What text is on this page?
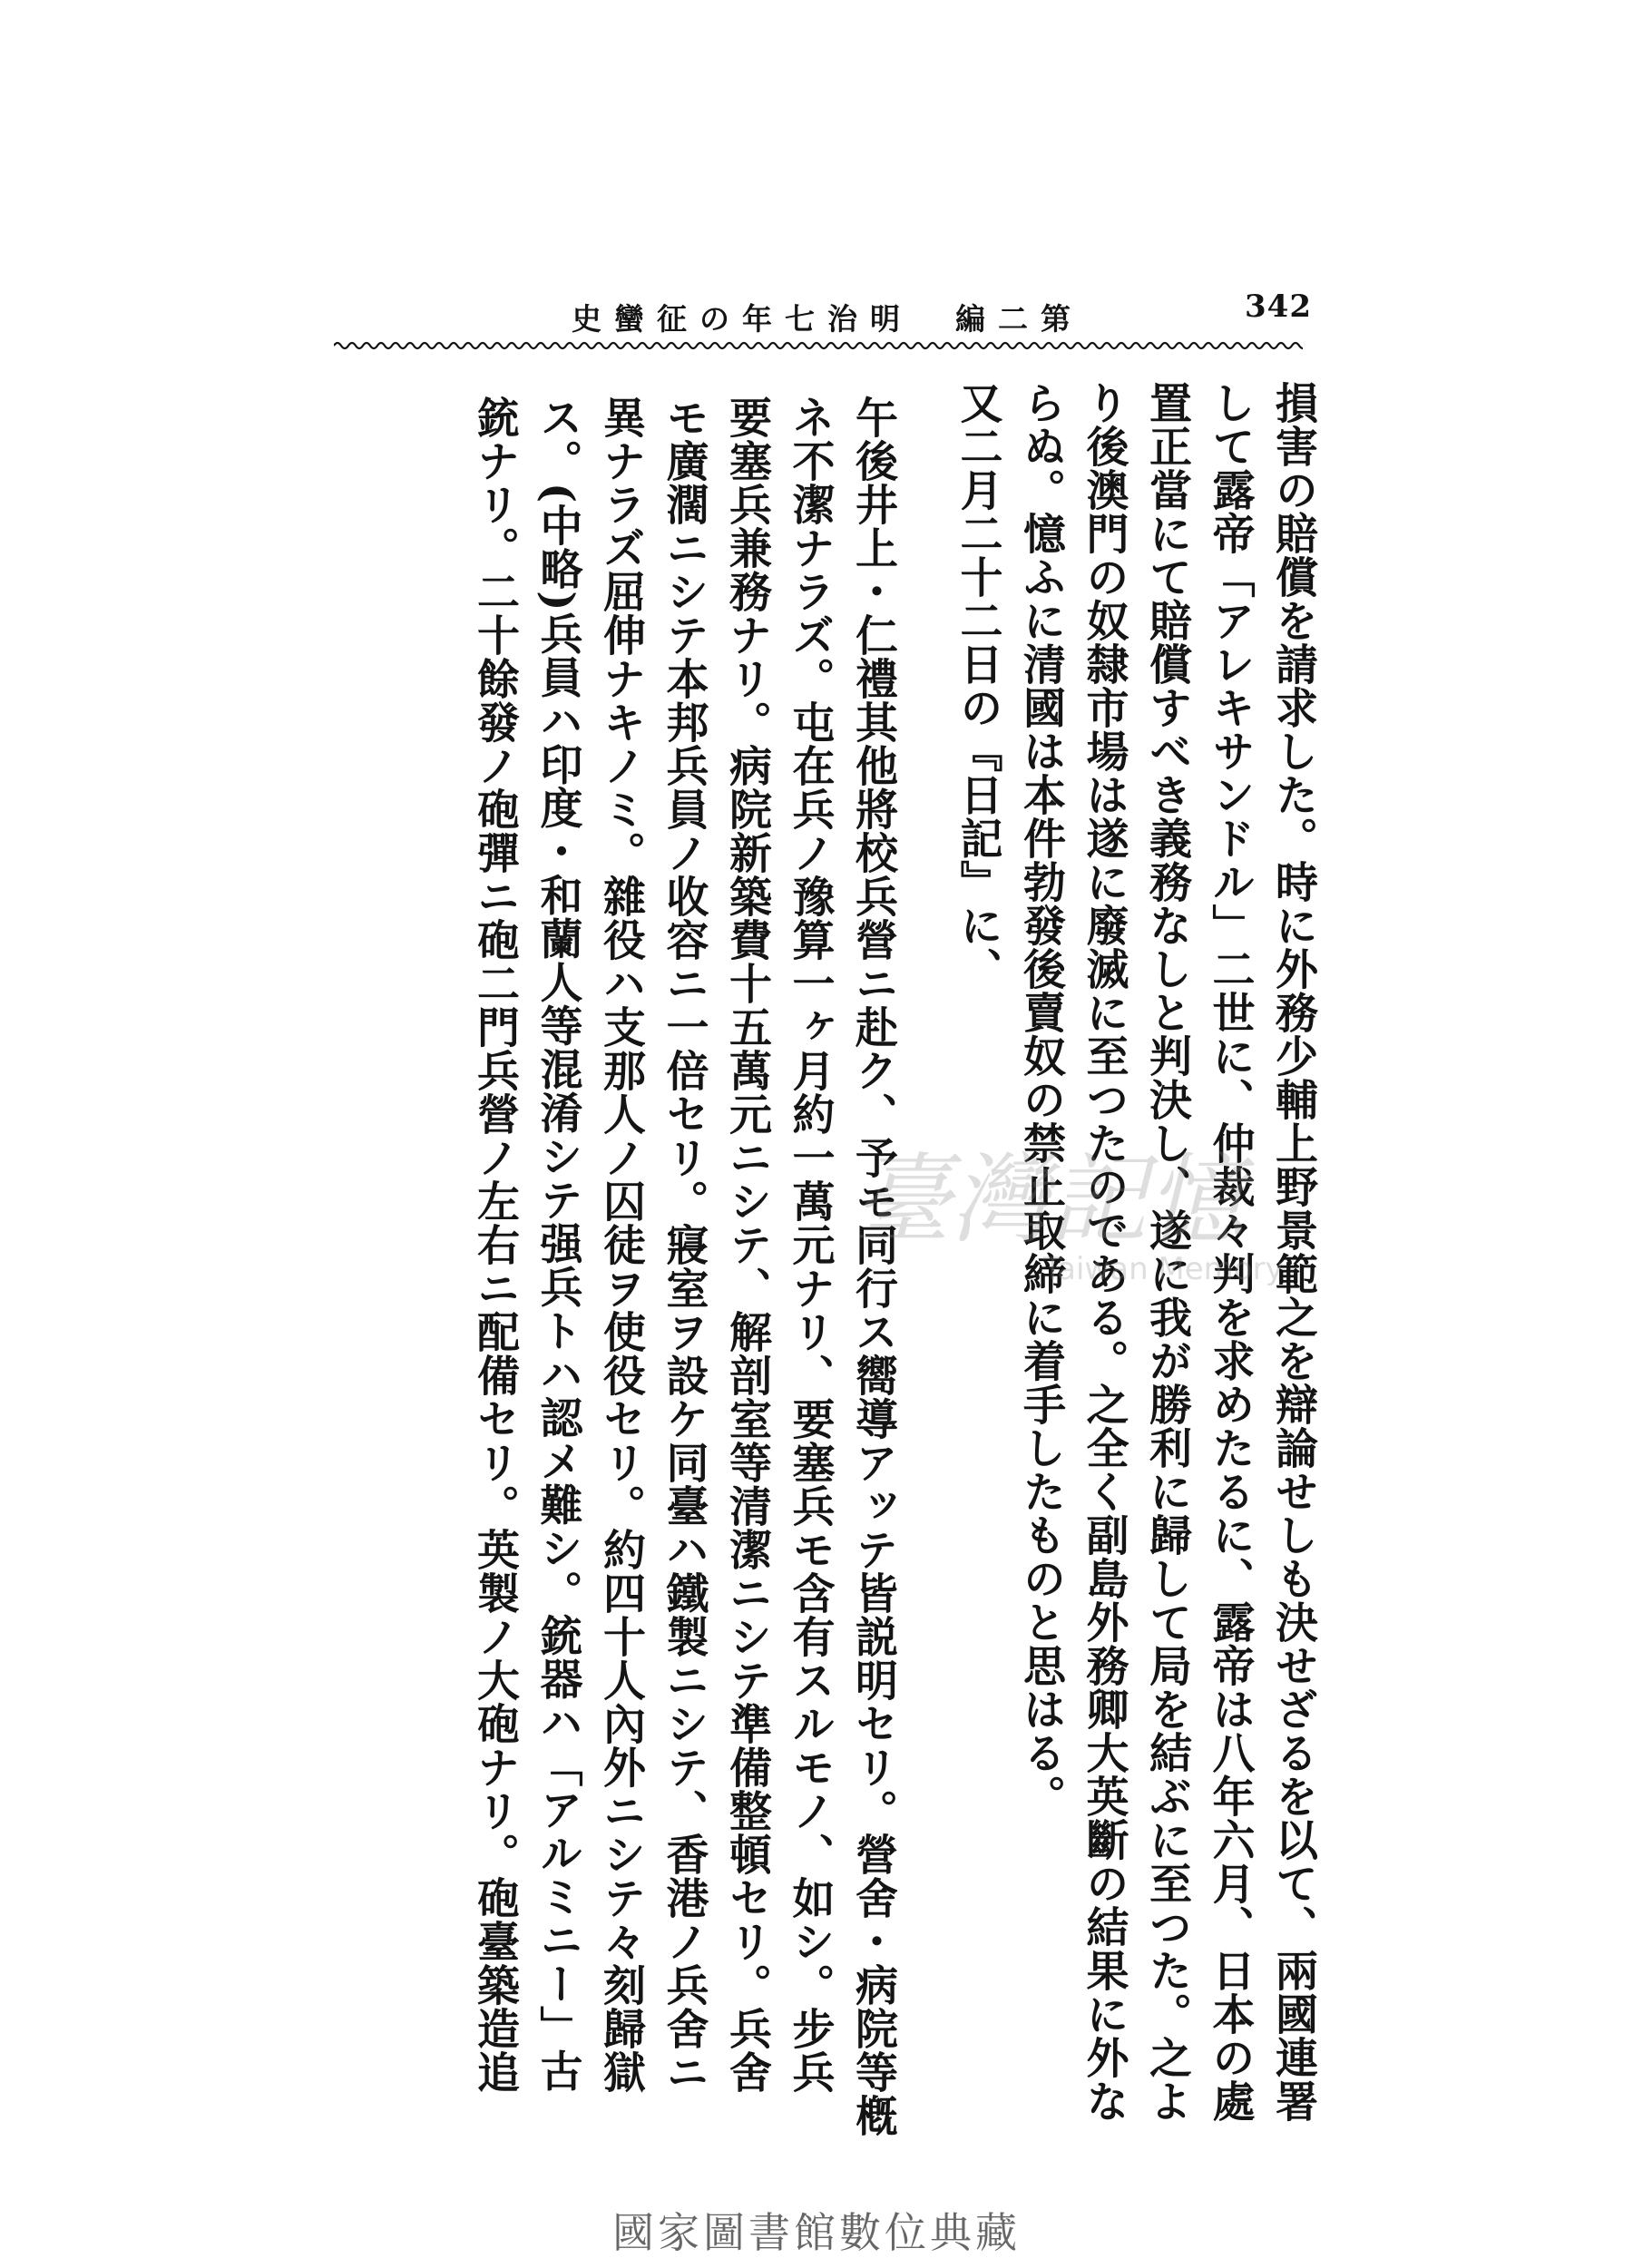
342
第二編　明治七年の征蠻史
損害の賠償を請求した。時に外務少輔上野景範之を辯論せしも決せざるを以て、兩國連署
して露帝「アレキサンドル」二世に、仲裁々判を求めたるに、露帝は八年六月、日本の處
置正當にて賠償すべき義務なしと判決し、遂に我が勝利に歸して局を結ぶに至つた。之よ
り後澳門の奴隸市場は遂に廢滅に至つたのである。之全く副島外務卿大英斷の結果に外な
らぬ。憶ふに清國は本件勃發後賣奴の禁止取締に着手したものと思はる。
又二月二十二日の『日記』に、
午後井上・仁禮其他將校兵營ニ赴ク、予モ同行ス嚮導アッテ皆説明セリ。營舍・病院等槪
ネ不潔ナラズ。屯在兵ノ豫算一ヶ月約一萬元ナリ、要塞兵モ含有スルモノ、如シ。步兵
要塞兵兼務ナリ。病院新築費十五萬元ニシテ、解剖室等清潔ニシテ準備整頓セリ。兵舍
モ廣濶ニシテ本邦兵員ノ收容ニ一倍セリ。寢室ヲ設ケ同臺ハ鐵製ニシテ、香港ノ兵舍ニ
異ナラズ屈伸ナキノミ。雜役ハ支那人ノ囚徒ヲ使役セリ。約四十人內外ニシテ々刻歸獄
ス。(中略)兵員ハ印度・和蘭人等混淆シテ强兵トハ認メ難シ。銃器ハ「アルミニー」古
銃ナリ。二十餘發ノ砲彈ニ砲二門兵營ノ左右ニ配備セリ。英製ノ大砲ナリ。砲臺築造追	臺灣記憶
Taiwan Memory
國家圖書館數位典藏
